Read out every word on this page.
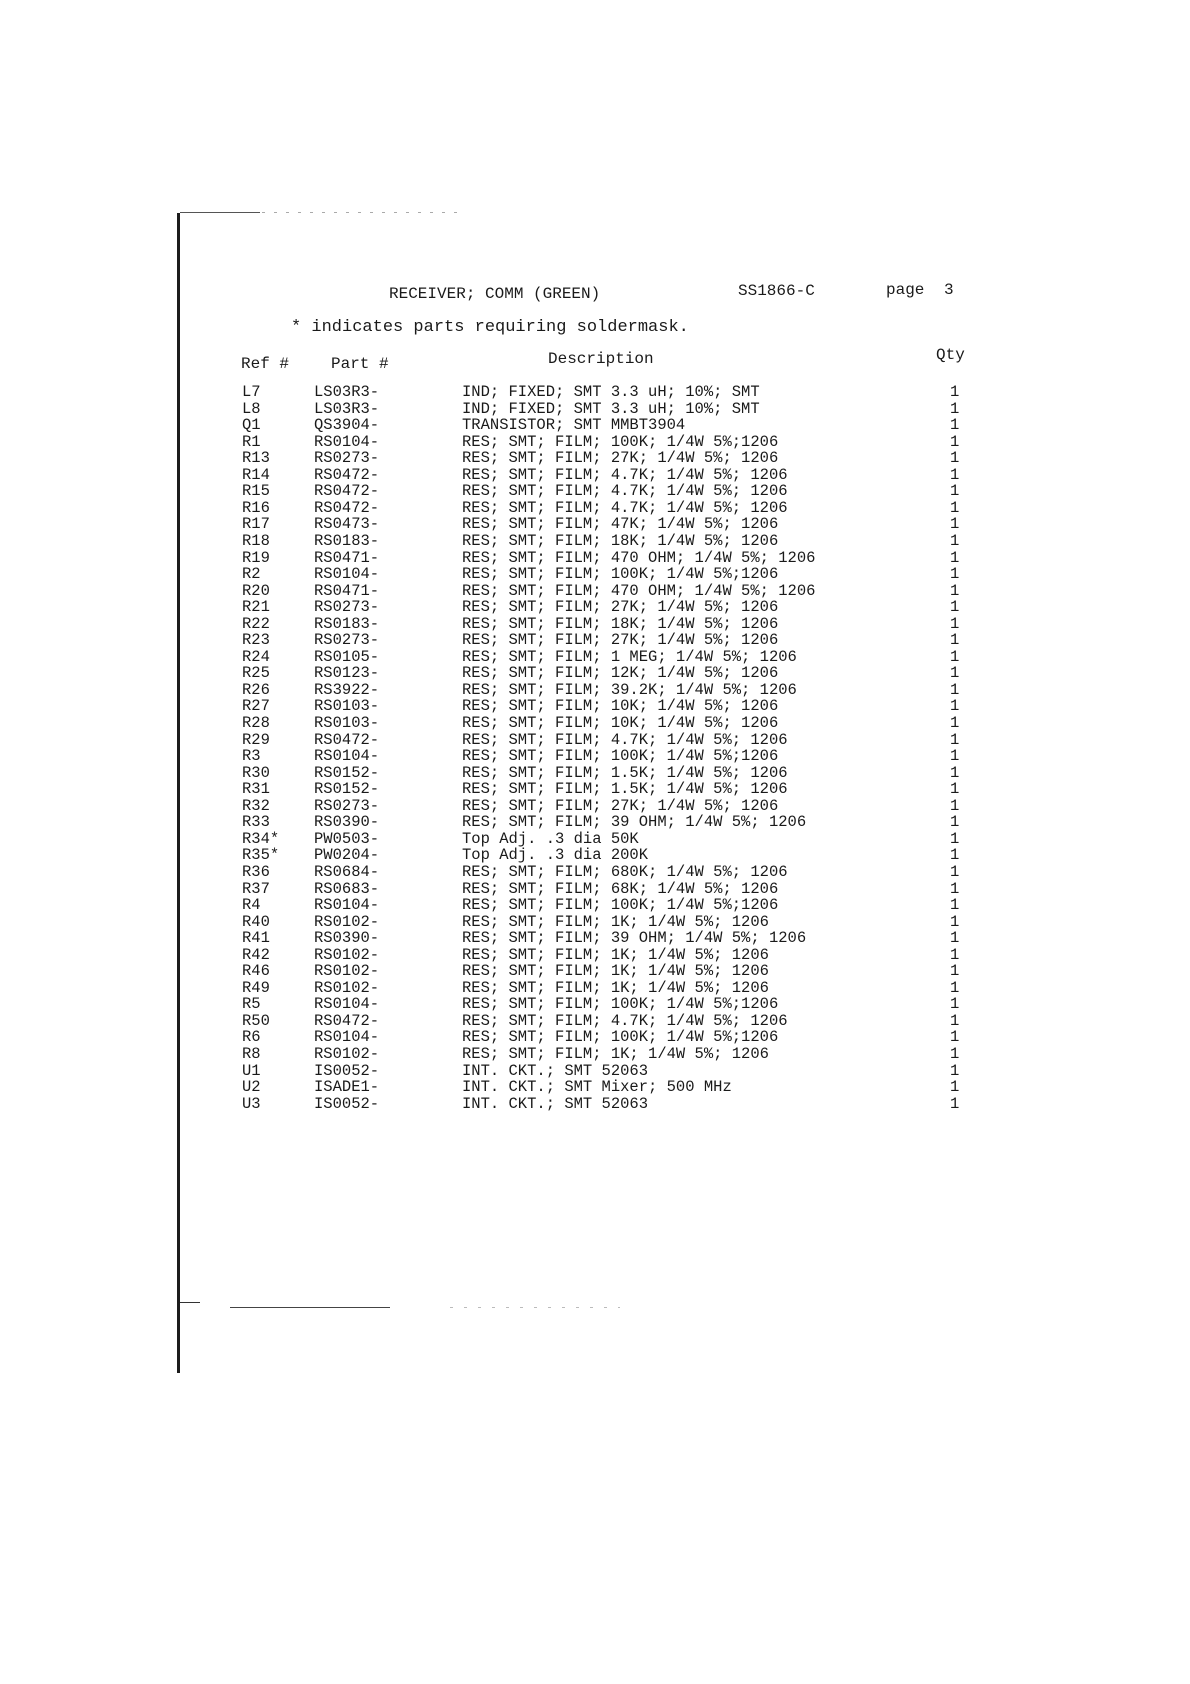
RECEIVER; COMM (GREEN)	SS1866-C	page 3
* indicates parts requiring soldermask.
Ref #	Part #	Description	Qty
L7	LS03R3-	IND; FIXED; SMT 3.3 uH; 10%; SMT	1
L8	LS03R3-	IND; FIXED; SMT 3.3 uH; 10%; SMT	1
Q1	QS3904-	TRANSISTOR; SMT MMBT3904	1
R1	RS0104-	RES; SMT; FILM; 100K; 1/4W 5%;1206	1
R13	RS0273-	RES; SMT; FILM; 27K; 1/4W 5%; 1206	1
R14	RS0472-	RES; SMT; FILM; 4.7K; 1/4W 5%; 1206	1
R15	RS0472-	RES; SMT; FILM; 4.7K; 1/4W 5%; 1206	1
R16	RS0472-	RES; SMT; FILM; 4.7K; 1/4W 5%; 1206	1
R17	RS0473-	RES; SMT; FILM; 47K; 1/4W 5%; 1206	1
R18	RS0183-	RES; SMT; FILM; 18K; 1/4W 5%; 1206	1
R19	RS0471-	RES; SMT; FILM; 470 OHM; 1/4W 5%; 1206	1
R2	RS0104-	RES; SMT; FILM; 100K; 1/4W 5%;1206	1
R20	RS0471-	RES; SMT; FILM; 470 OHM; 1/4W 5%; 1206	1
R21	RS0273-	RES; SMT; FILM; 27K; 1/4W 5%; 1206	1
R22	RS0183-	RES; SMT; FILM; 18K; 1/4W 5%; 1206	1
R23	RS0273-	RES; SMT; FILM; 27K; 1/4W 5%; 1206	1
R24	RS0105-	RES; SMT; FILM; 1 MEG; 1/4W 5%; 1206	1
R25	RS0123-	RES; SMT; FILM; 12K; 1/4W 5%; 1206	1
R26	RS3922-	RES; SMT; FILM; 39.2K; 1/4W 5%; 1206	1
R27	RS0103-	RES; SMT; FILM; 10K; 1/4W 5%; 1206	1
R28	RS0103-	RES; SMT; FILM; 10K; 1/4W 5%; 1206	1
R29	RS0472-	RES; SMT; FILM; 4.7K; 1/4W 5%; 1206	1
R3	RS0104-	RES; SMT; FILM; 100K; 1/4W 5%;1206	1
R30	RS0152-	RES; SMT; FILM; 1.5K; 1/4W 5%; 1206	1
R31	RS0152-	RES; SMT; FILM; 1.5K; 1/4W 5%; 1206	1
R32	RS0273-	RES; SMT; FILM; 27K; 1/4W 5%; 1206	1
R33	RS0390-	RES; SMT; FILM; 39 OHM; 1/4W 5%; 1206	1
R34* PW0503-	Top Adj. .3 dia 50K	1
R35* PW0204-	Top Adj. .3 dia 200K	1
R36	RS0684-	RES; SMT; FILM; 680K; 1/4W 5%; 1206	1
R37	RS0683-	RES; SMT; FILM; 68K; 1/4W 5%; 1206	1
R4	RS0104-	RES; SMT; FILM; 100K; 1/4W 5%;1206	1
R40	RS0102-	RES; SMT; FILM; 1K; 1/4W 5%; 1206	1
R41	RS0390-	RES; SMT; FILM; 39 OHM; 1/4W 5%; 1206	1
R42	RS0102-	RES; SMT; FILM; 1K; 1/4W 5%; 1206	1
R46	RS0102-	RES; SMT; FILM; 1K; 1/4W 5%; 1206	1
R49	RS0102-	RES; SMT; FILM; 1K; 1/4W 5%; 1206	1
R5	RS0104-	RES; SMT; FILM; 100K; 1/4W 5%;1206	1
R50	RS0472-	RES; SMT; FILM; 4.7K; 1/4W 5%; 1206	1
R6	RS0104-	RES; SMT; FILM; 100K; 1/4W 5%;1206	1
R8	RS0102-	RES; SMT; FILM; 1K; 1/4W 5%; 1206	1
U1	IS0052-	INT. CKT.; SMT 52063	1
U2	ISADE1-	INT. CKT.; SMT Mixer; 500 MHz	1
U3	IS0052-	INT. CKT.; SMT 52063	1
